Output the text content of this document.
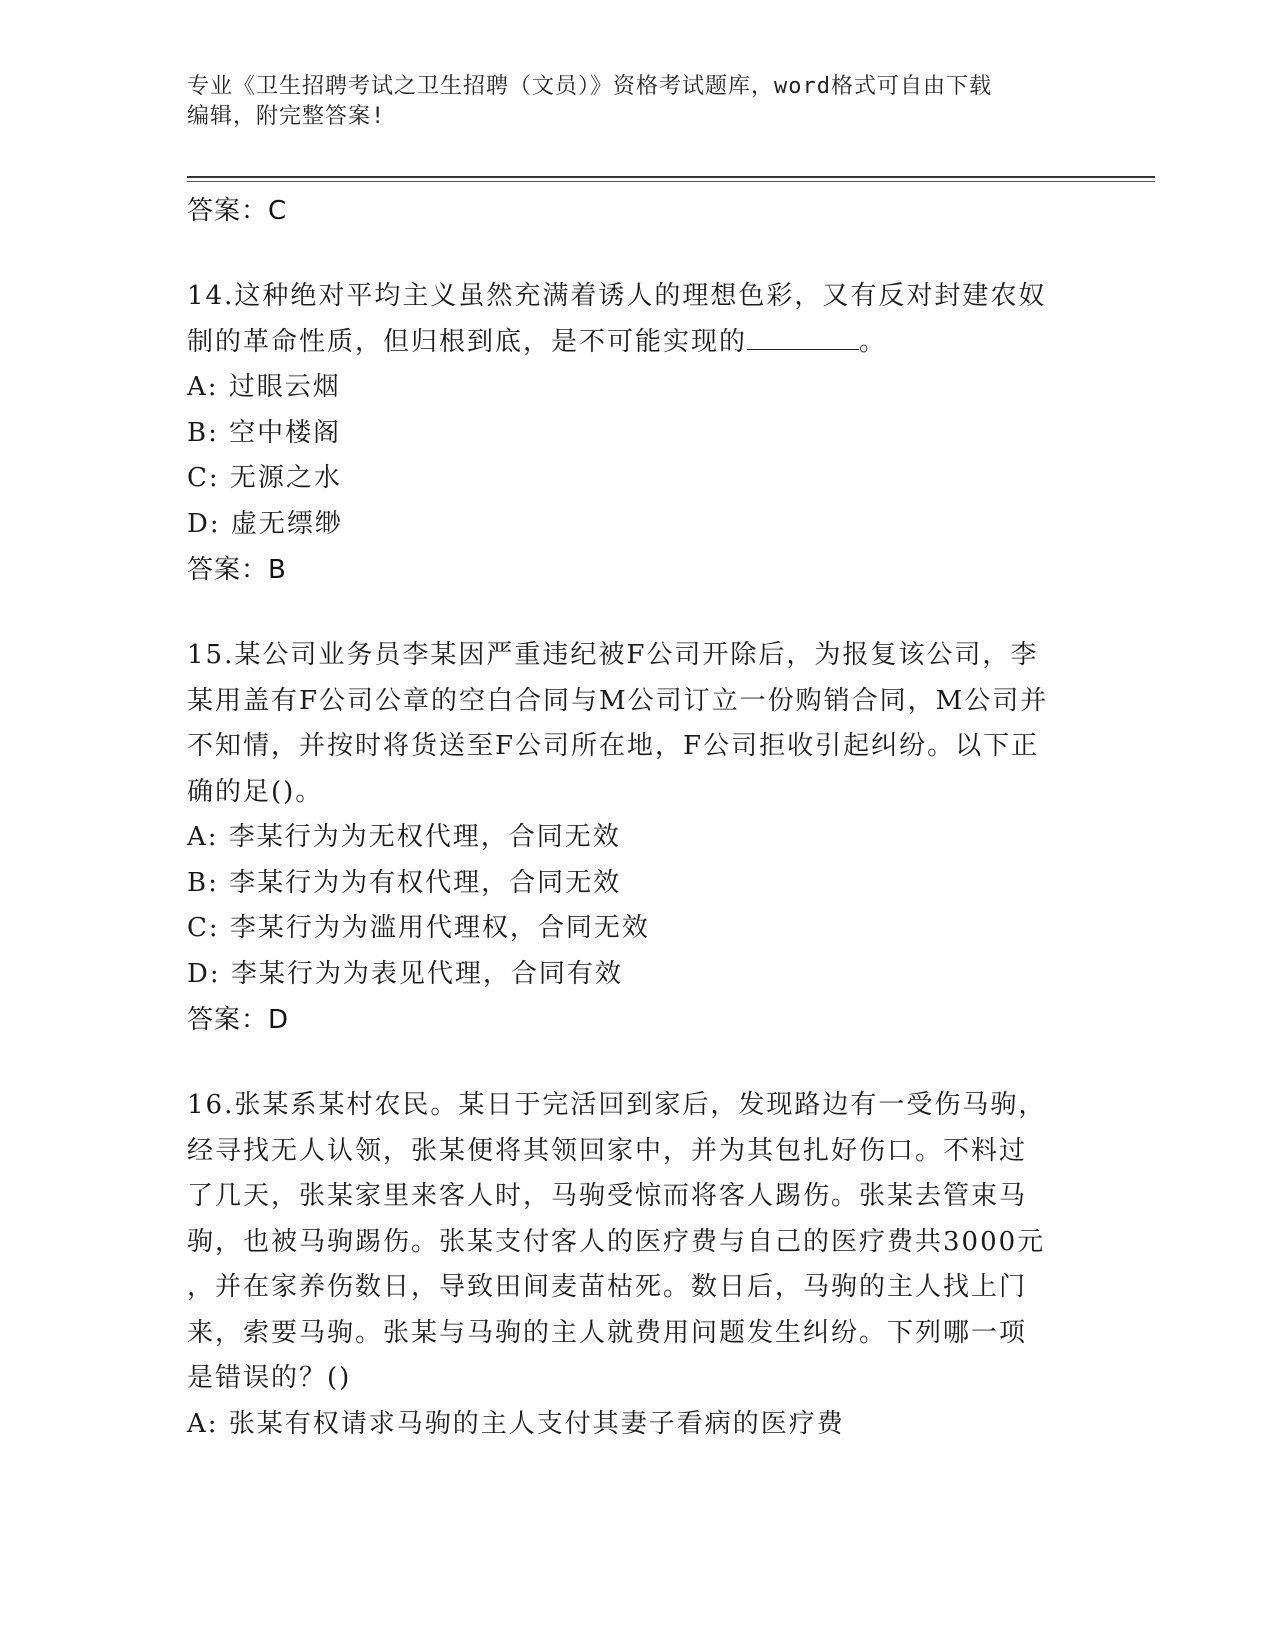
专业《卫生招聘考试之卫生招聘（文员）》资格考试题库，word格式可自由下载
编辑，附完整答案!
答案：C
14.这种绝对平均主义虽然充满着诱人的理想色彩，又有反对封建农奴
制的革命性质，但归根到底，是不可能实现的	。
A: 过眼云烟
B: 空中楼阁
C: 无源之水
D: 虚无缥缈
答案：B
15.某公司业务员李某因严重违纪被F公司开除后，为报复该公司，李
某用盖有F公司公章的空白合同与M公司订立一份购销合同，M公司并
不知情，并按时将货送至F公司所在地，F公司拒收引起纠纷。以下正
确的足()。
A: 李某行为为无权代理，合同无效
B: 李某行为为有权代理，合同无效
C: 李某行为为滥用代理权，合同无效
D: 李某行为为表见代理，合同有效
答案：D
16.张某系某村农民。某日于完活回到家后，发现路边有一受伤马驹，
经寻找无人认领，张某便将其领回家中，并为其包扎好伤口。不料过
了几天，张某家里来客人时，马驹受惊而将客人踢伤。张某去管束马
驹，也被马驹踢伤。张某支付客人的医疗费与自己的医疗费共3000元
，并在家养伤数日，导致田间麦苗枯死。数日后，马驹的主人找上门
来，索要马驹。张某与马驹的主人就费用问题发生纠纷。下列哪一项
是错误的？()
A: 张某有权请求马驹的主人支付其妻子看病的医疗费
